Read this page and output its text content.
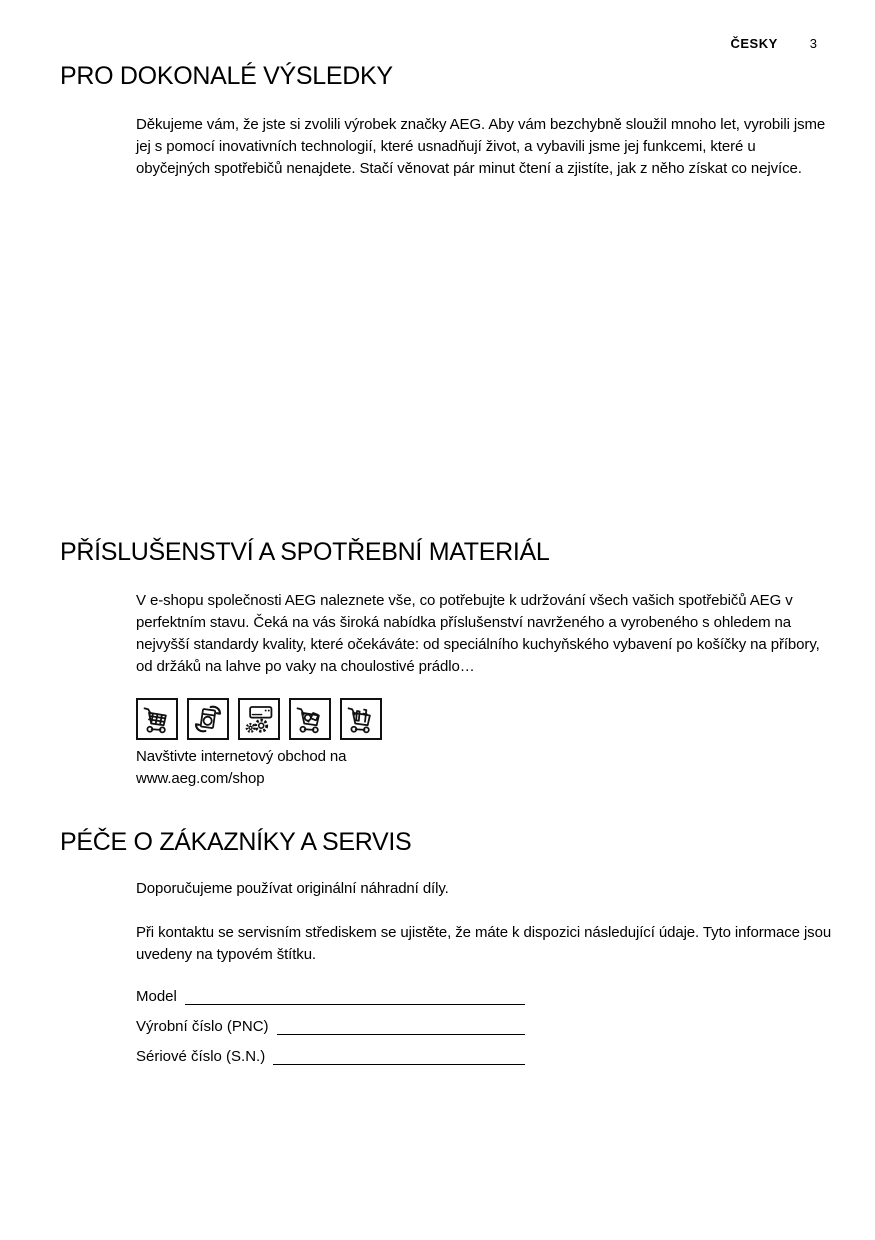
ČESKY 3
PRO DOKONALÉ VÝSLEDKY

Děkujeme vám, že jste si zvolili výrobek značky AEG. Aby vám bezchybně sloužil mnoho let, vyrobili jsme jej s pomocí inovativních technologií, které usnadňují život, a vybavili jsme jej funkcemi, které u obyčejných spotřebičů nenajdete. Stačí věnovat pár minut čtení a zjistíte, jak z něho získat co nejvíce.

PŘÍSLUŠENSTVÍ A SPOTŘEBNÍ MATERIÁL

V e-shopu společnosti AEG naleznete vše, co potřebujte k udržování všech vašich spotřebičů AEG v perfektním stavu. Čeká na vás široká nabídka příslušenství navrženého a vyrobeného s ohledem na nejvyšší standardy kvality, které očekáváte: od speciálního kuchyňského vybavení po košíčky na příbory, od držáků na lahve po vaky na choulostivé prádlo…

Navštivte internetový obchod na
www.aeg.com/shop

PÉČE O ZÁKAZNÍKY A SERVIS

Doporučujeme používat originální náhradní díly.

Při kontaktu se servisním střediskem se ujistěte, že máte k dispozici následující údaje. Tyto informace jsou uvedeny na typovém štítku.

Model
Výrobní číslo (PNC)
Sériové číslo (S.N.)
